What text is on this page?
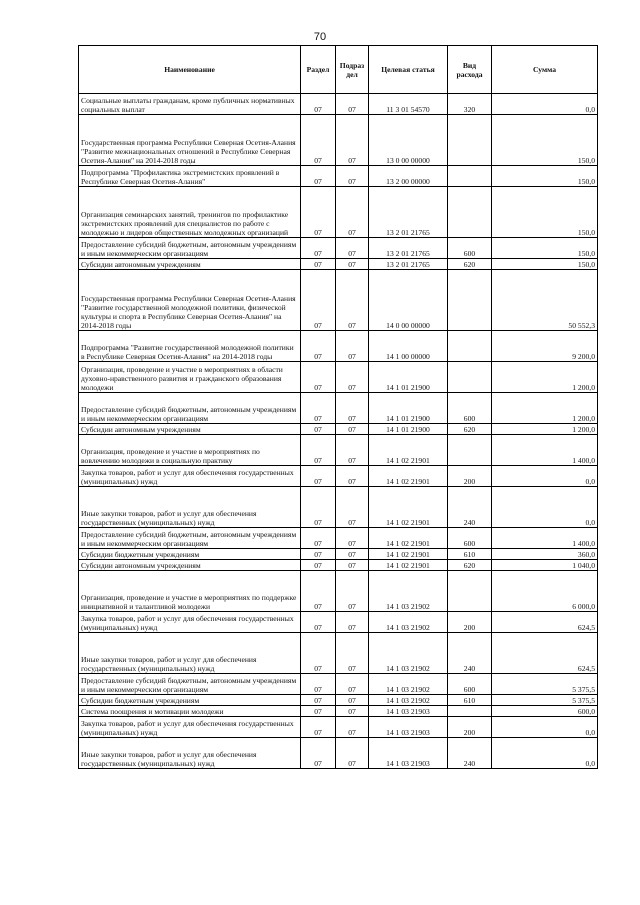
70
Наименование	Раздел	Подраз дел	Целевая статья	Вид расхода	Сумма
Социальные выплаты гражданам, кроме публичных нормативных социальных выплат	07	07	11 3 01 54570	320	0,0
Государственная программа Республики Северная Осетия-Алания "Развитие межнациональных отношений в Республике Северная Осетия-Алания" на 2014-2018 годы	07	07	13 0 00 00000		150,0
Подпрограмма "Профилактика экстремистских проявлений в Республике Северная Осетия-Алания"	07	07	13 2 00 00000		150,0
Организация семинарских занятий, тренингов по профилактике экстремистских проявлений для специалистов по работе с молодежью и лидеров общественных молодежных организаций	07	07	13 2 01 21765		150,0
Предоставление субсидий бюджетным, автономным учреждениям и иным некоммерческим организациям	07	07	13 2 01 21765	600	150,0
Субсидии автономным учреждениям	07	07	13 2 01 21765	620	150,0
Государственная программа Республики Северная Осетия-Алания "Развитие государственной молодежной политики, физической культуры и спорта в Республике Северная Осетия-Алания" на 2014-2018 годы	07	07	14 0 00 00000		50 552,3
Подпрограмма "Развитие государственной молодежной политики в Республике Северная Осетия-Алания" на 2014-2018 годы	07	07	14 1 00 00000		9 200,0
Организация, проведение и участие в мероприятиях в области духовно-нравственного развития и гражданского образования молодежи	07	07	14 1 01 21900		1 200,0
Предоставление субсидий бюджетным, автономным учреждениям и иным некоммерческим организациям	07	07	14 1 01 21900	600	1 200,0
Субсидии автономным учреждениям	07	07	14 1 01 21900	620	1 200,0
Организация, проведение и участие в мероприятиях по вовлечению молодежи в социальную практику	07	07	14 1 02 21901		1 400,0
Закупка товаров, работ и услуг для обеспечения государственных (муниципальных) нужд	07	07	14 1 02 21901	200	0,0
Иные закупки товаров, работ и услуг для обеспечения государственных (муниципальных) нужд	07	07	14 1 02 21901	240	0,0
Предоставление субсидий бюджетным, автономным учреждениям и иным некоммерческим организациям	07	07	14 1 02 21901	600	1 400,0
Субсидии бюджетным учреждениям	07	07	14 1 02 21901	610	360,0
Субсидии автономным учреждениям	07	07	14 1 02 21901	620	1 040,0
Организация, проведение и участие в мероприятиях по поддержке инициативной и талантливой молодежи	07	07	14 1 03 21902		6 000,0
Закупка товаров, работ и услуг для обеспечения государственных (муниципальных) нужд	07	07	14 1 03 21902	200	624,5
Иные закупки товаров, работ и услуг для обеспечения государственных (муниципальных) нужд	07	07	14 1 03 21902	240	624,5
Предоставление субсидий бюджетным, автономным учреждениям и иным некоммерческим организациям	07	07	14 1 03 21902	600	5 375,5
Субсидии бюджетным учреждениям	07	07	14 1 03 21902	610	5 375,5
Система поощрения и мотивации молодежи	07	07	14 1 03 21903		600,0
Закупка товаров, работ и услуг для обеспечения государственных (муниципальных) нужд	07	07	14 1 03 21903	200	0,0
Иные закупки товаров, работ и услуг для обеспечения государственных (муниципальных) нужд	07	07	14 1 03 21903	240	0,0
